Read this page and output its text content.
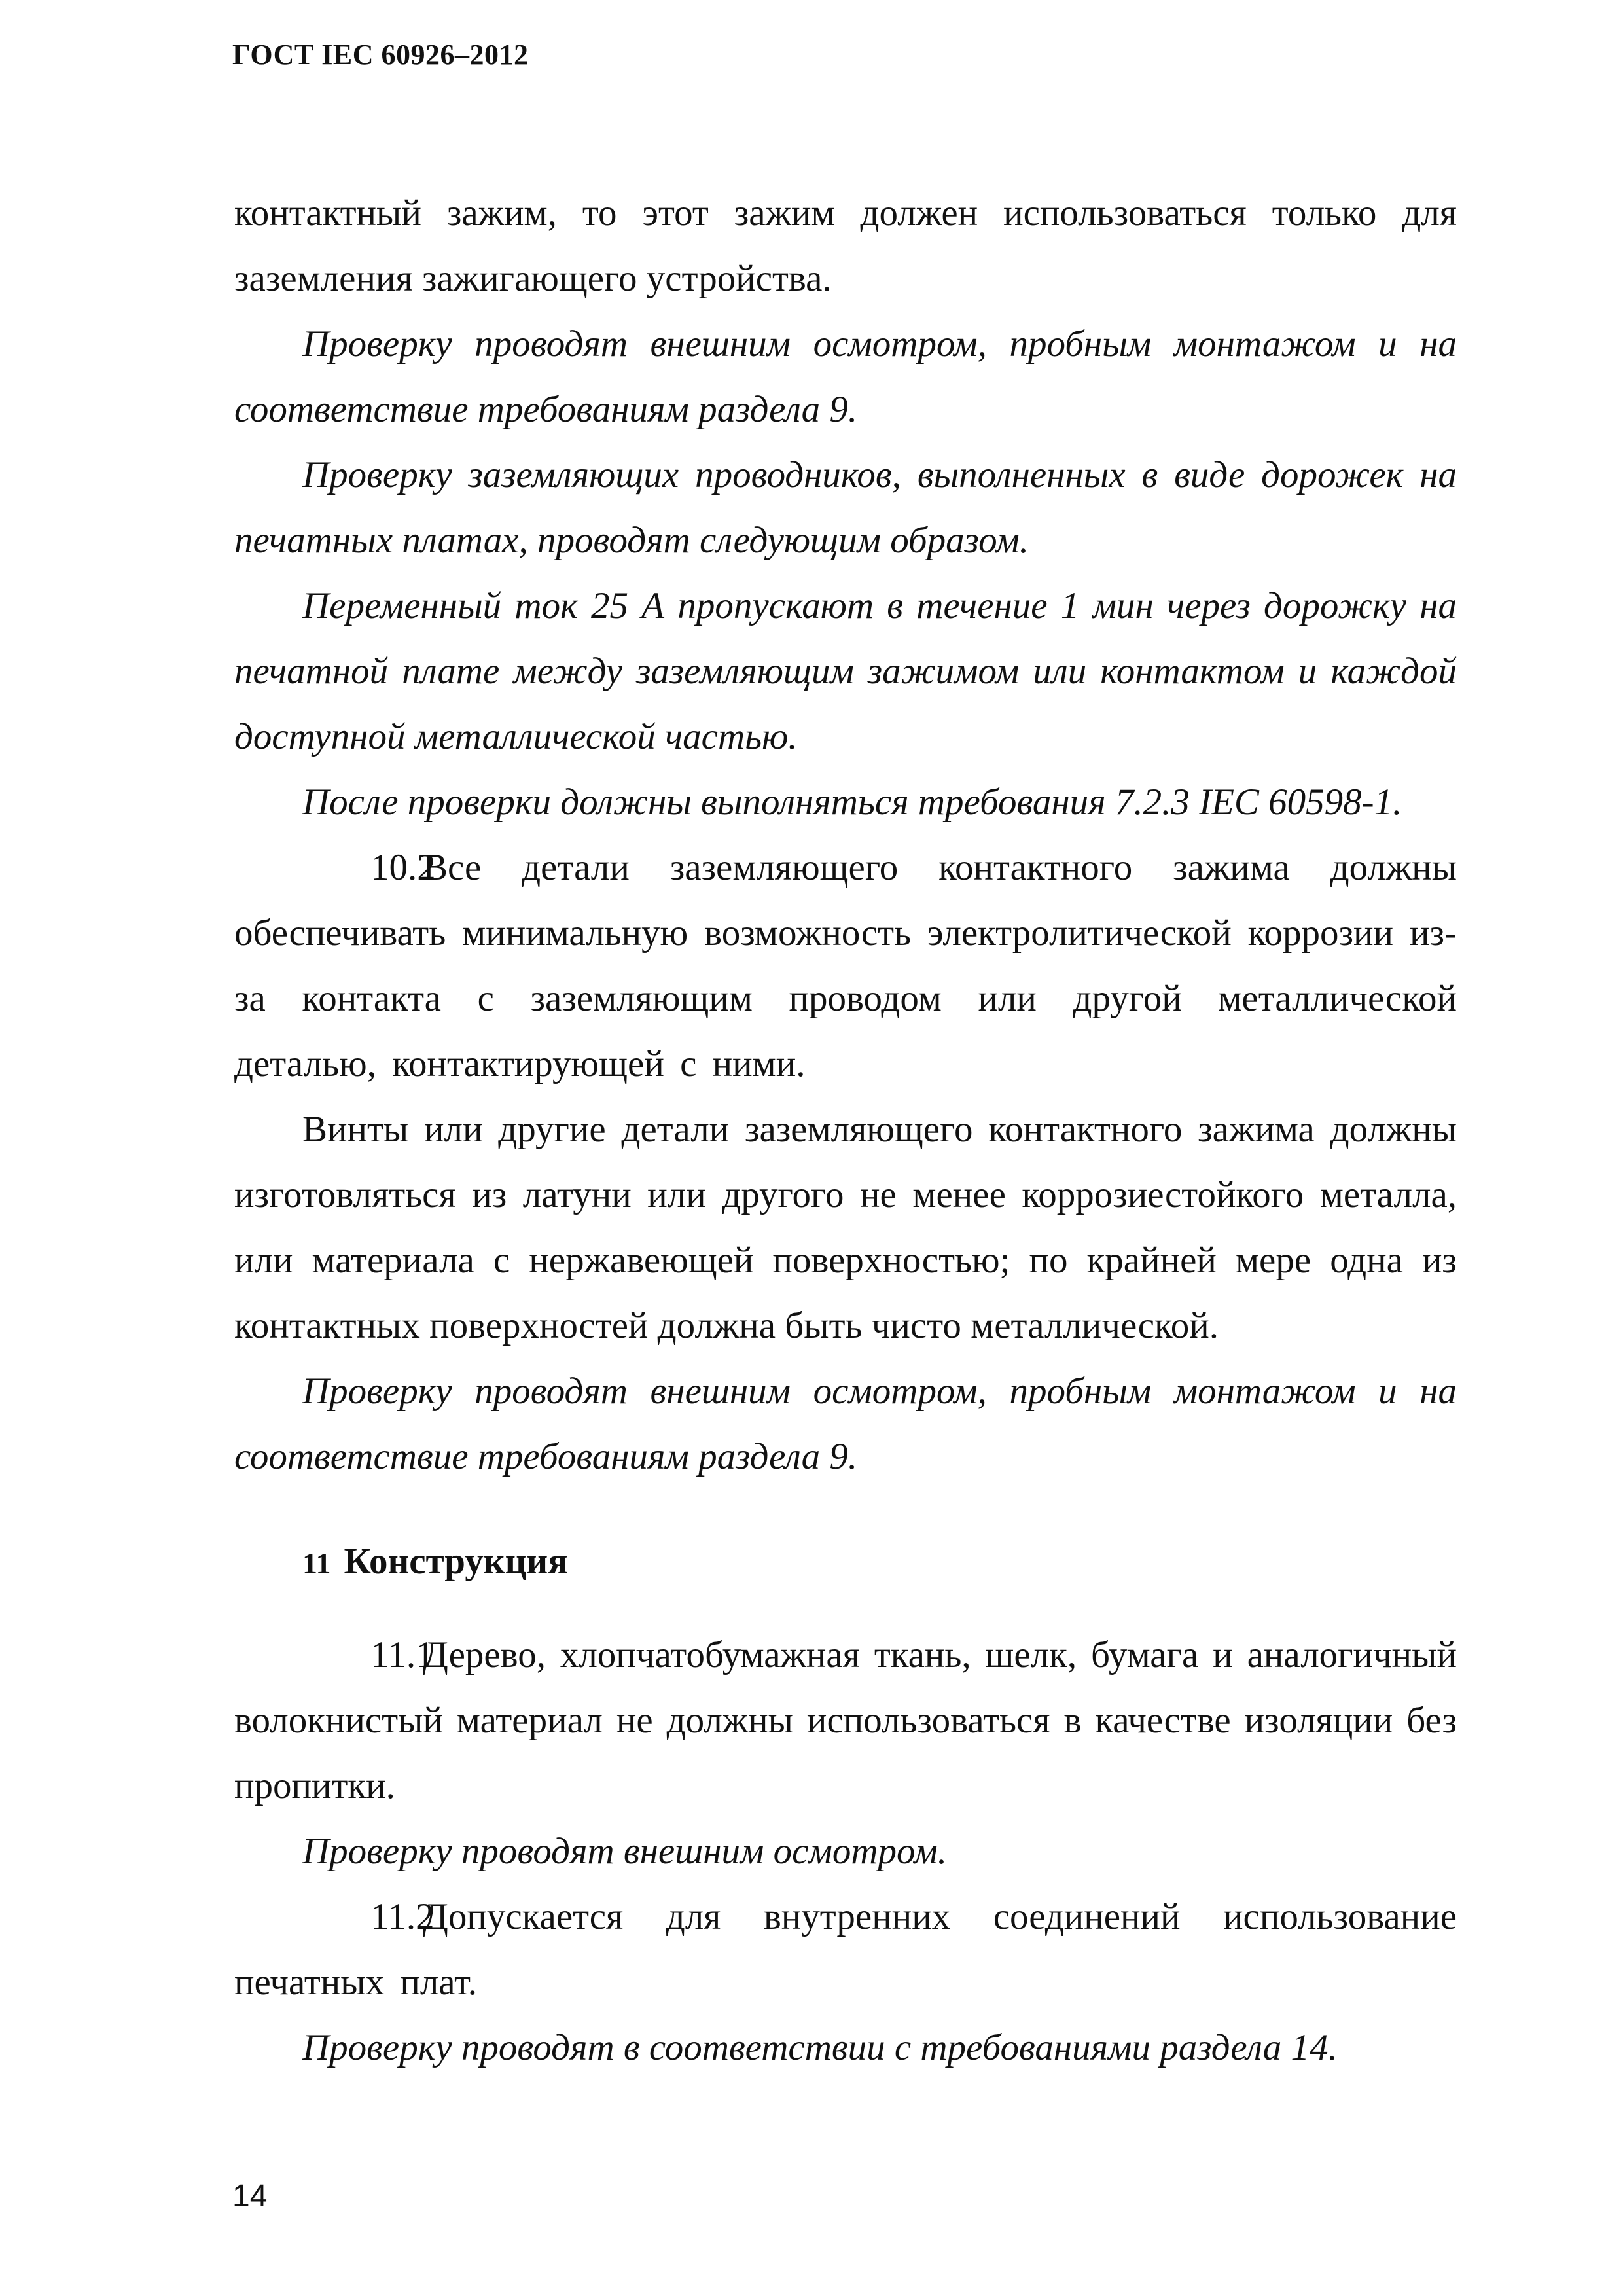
ГОСТ IEC 60926–2012

контактный зажим, то этот зажим должен использоваться только для заземления зажигающего устройства.

Проверку проводят внешним осмотром, пробным монтажом и на соответствие требованиям раздела 9.

Проверку заземляющих проводников, выполненных в виде дорожек на печатных платах, проводят следующим образом.

Переменный ток 25 А пропускают в течение 1 мин через дорожку на печатной плате между заземляющим зажимом или контактом и каждой доступной металлической частью.

После проверки должны выполняться требования 7.2.3 IEC 60598-1.

10.2Все детали заземляющего контактного зажима должны обеспечивать минимальную возможность электролитической коррозии из-за контакта с заземляющим проводом или другой металлической деталью, контактирующей с ними.

Винты или другие детали заземляющего контактного зажима должны изготовляться из латуни или другого не менее коррозиестойкого металла, или материала с нержавеющей поверхностью; по крайней мере одна из контактных поверхностей должна быть чисто металлической.

Проверку проводят внешним осмотром, пробным монтажом и на соответствие требованиям раздела 9.

11 Конструкция

11.1Дерево, хлопчатобумажная ткань, шелк, бумага и аналогичный волокнистый материал не должны использоваться в качестве изоляции без пропитки.

Проверку проводят внешним осмотром.

11.2Допускается для внутренних соединений использование печатных плат.

Проверку проводят в соответствии с требованиями раздела 14.

14
